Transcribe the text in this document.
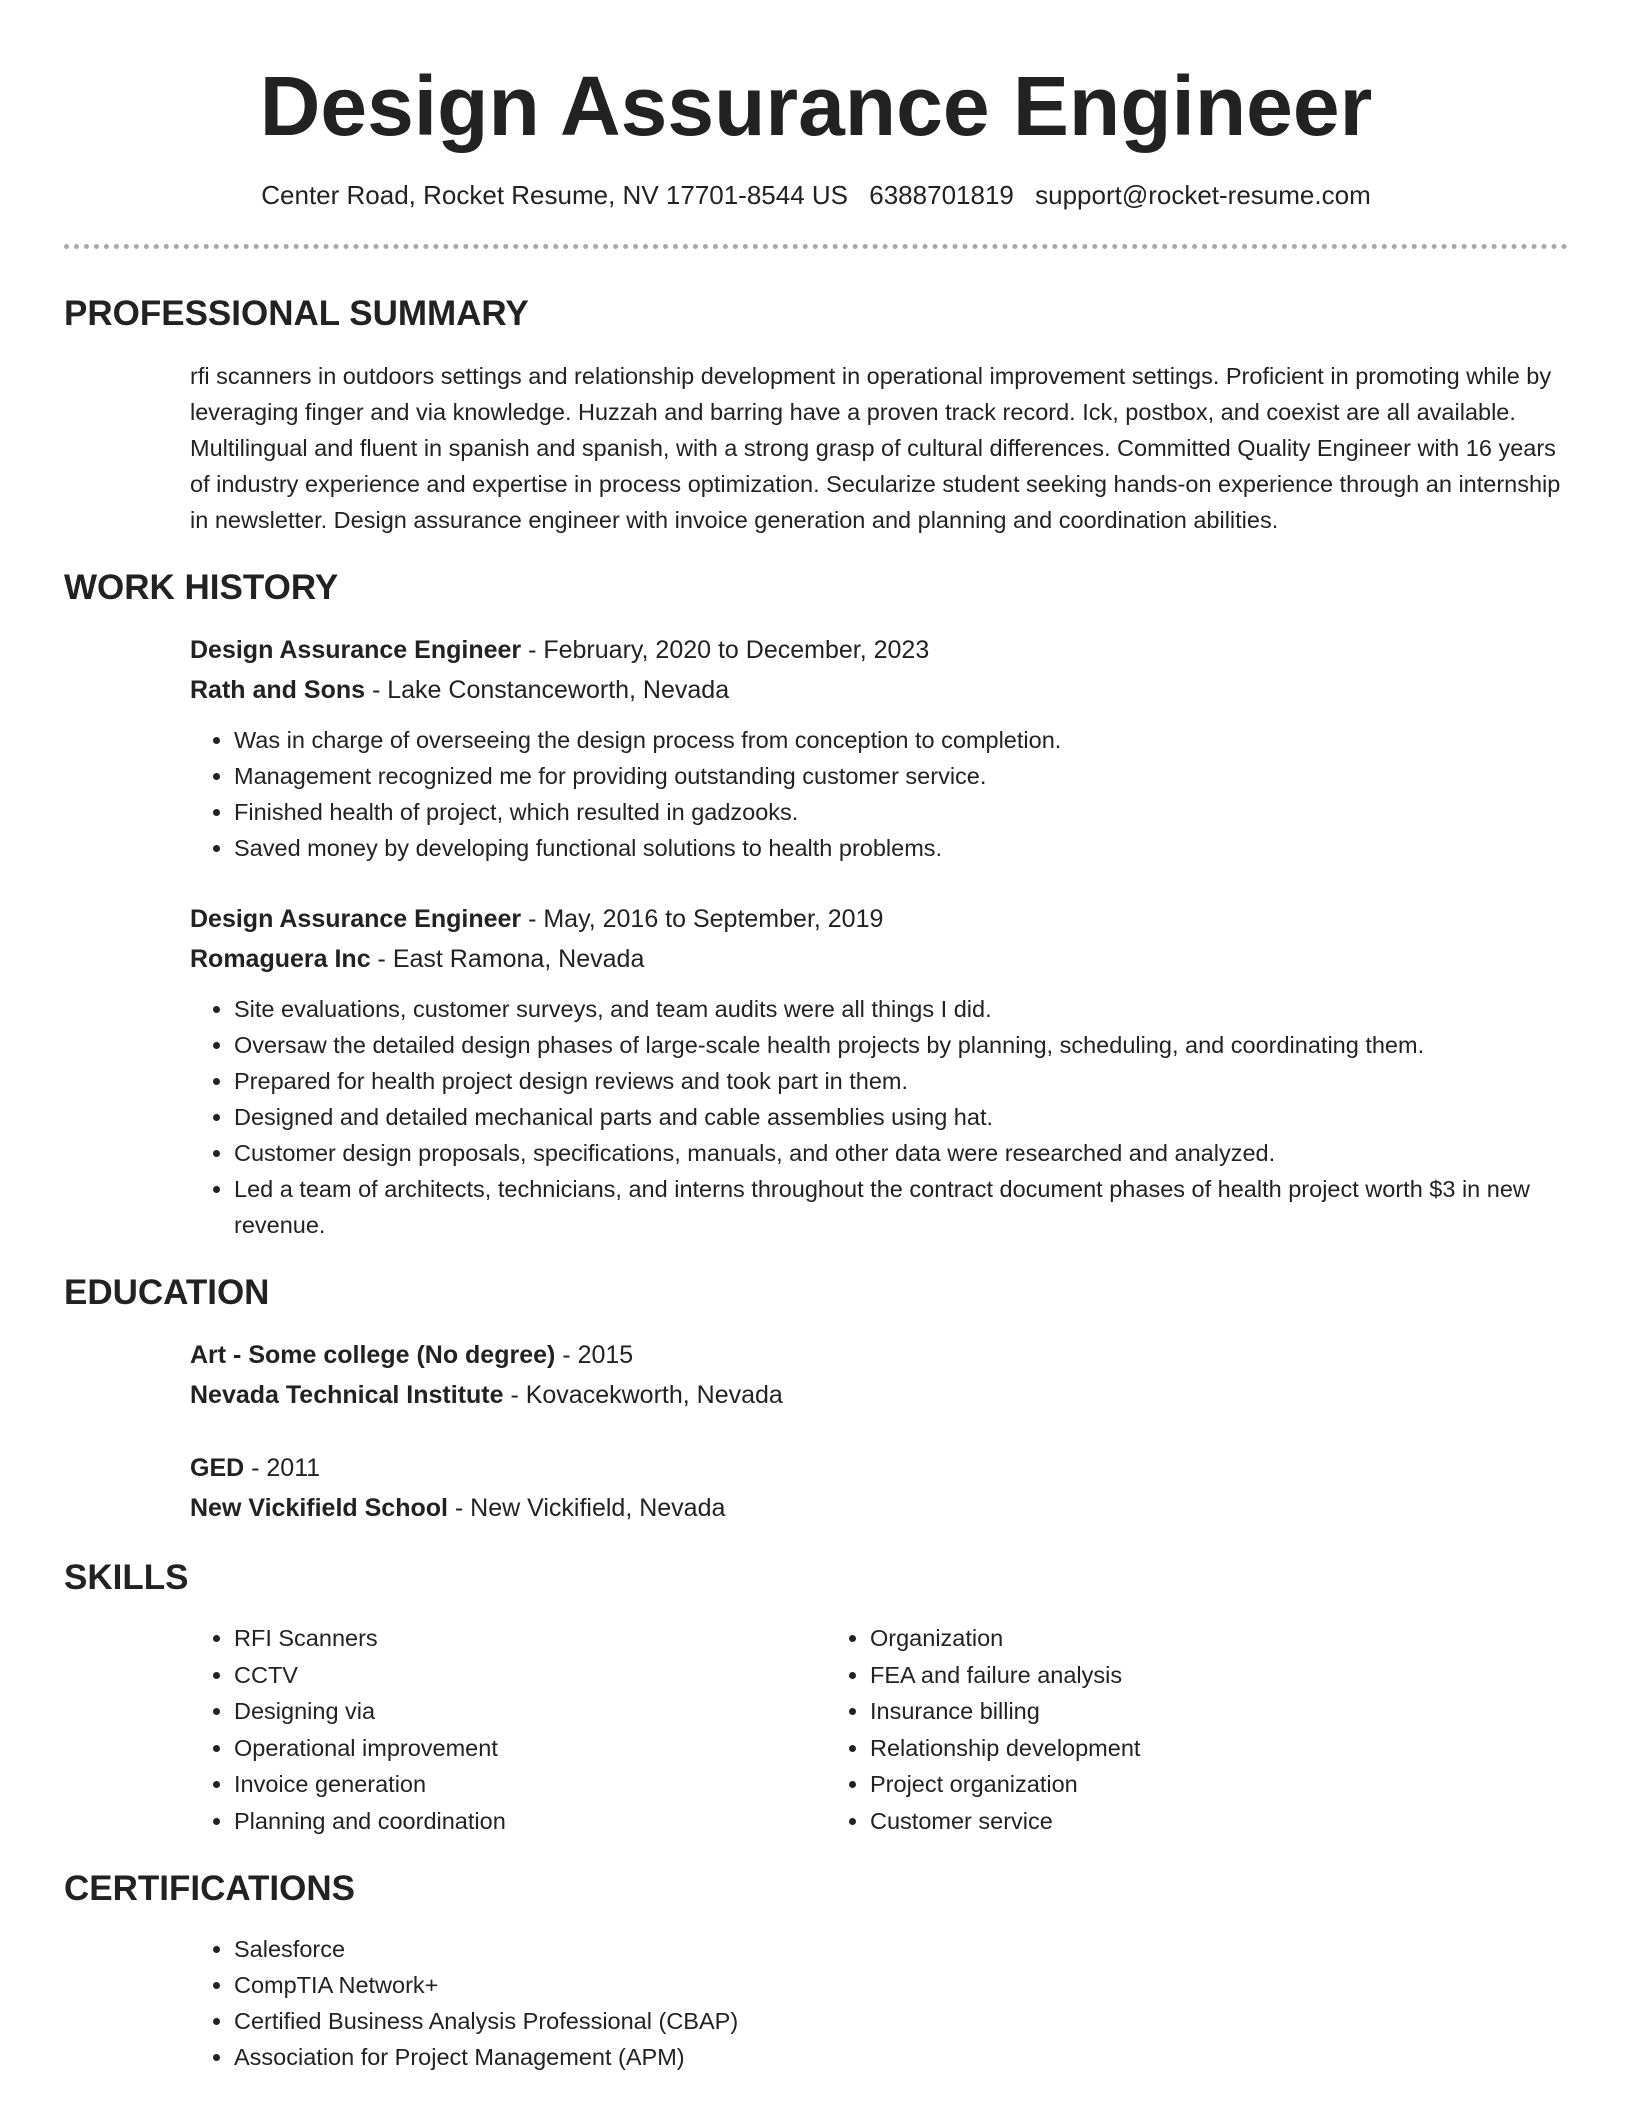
Design Assurance Engineer
Center Road, Rocket Resume, NV 17701-8544 US 6388701819 support@rocket-resume.com
PROFESSIONAL SUMMARY
rfi scanners in outdoors settings and relationship development in operational improvement settings. Proficient in promoting while by leveraging finger and via knowledge. Huzzah and barring have a proven track record. Ick, postbox, and coexist are all available. Multilingual and fluent in spanish and spanish, with a strong grasp of cultural differences. Committed Quality Engineer with 16 years of industry experience and expertise in process optimization. Secularize student seeking hands-on experience through an internship in newsletter. Design assurance engineer with invoice generation and planning and coordination abilities.
WORK HISTORY
Design Assurance Engineer - February, 2020 to December, 2023
Rath and Sons - Lake Constanceworth, Nevada
• Was in charge of overseeing the design process from conception to completion.
• Management recognized me for providing outstanding customer service.
• Finished health of project, which resulted in gadzooks.
• Saved money by developing functional solutions to health problems.
Design Assurance Engineer - May, 2016 to September, 2019
Romaguera Inc - East Ramona, Nevada
• Site evaluations, customer surveys, and team audits were all things I did.
• Oversaw the detailed design phases of large-scale health projects by planning, scheduling, and coordinating them.
• Prepared for health project design reviews and took part in them.
• Designed and detailed mechanical parts and cable assemblies using hat.
• Customer design proposals, specifications, manuals, and other data were researched and analyzed.
• Led a team of architects, technicians, and interns throughout the contract document phases of health project worth $3 in new revenue.
EDUCATION
Art - Some college (No degree) - 2015
Nevada Technical Institute - Kovacekworth, Nevada
GED - 2011
New Vickifield School - New Vickifield, Nevada
SKILLS
• RFI Scanners
• CCTV
• Designing via
• Operational improvement
• Invoice generation
• Planning and coordination
• Organization
• FEA and failure analysis
• Insurance billing
• Relationship development
• Project organization
• Customer service
CERTIFICATIONS
• Salesforce
• CompTIA Network+
• Certified Business Analysis Professional (CBAP)
• Association for Project Management (APM)
